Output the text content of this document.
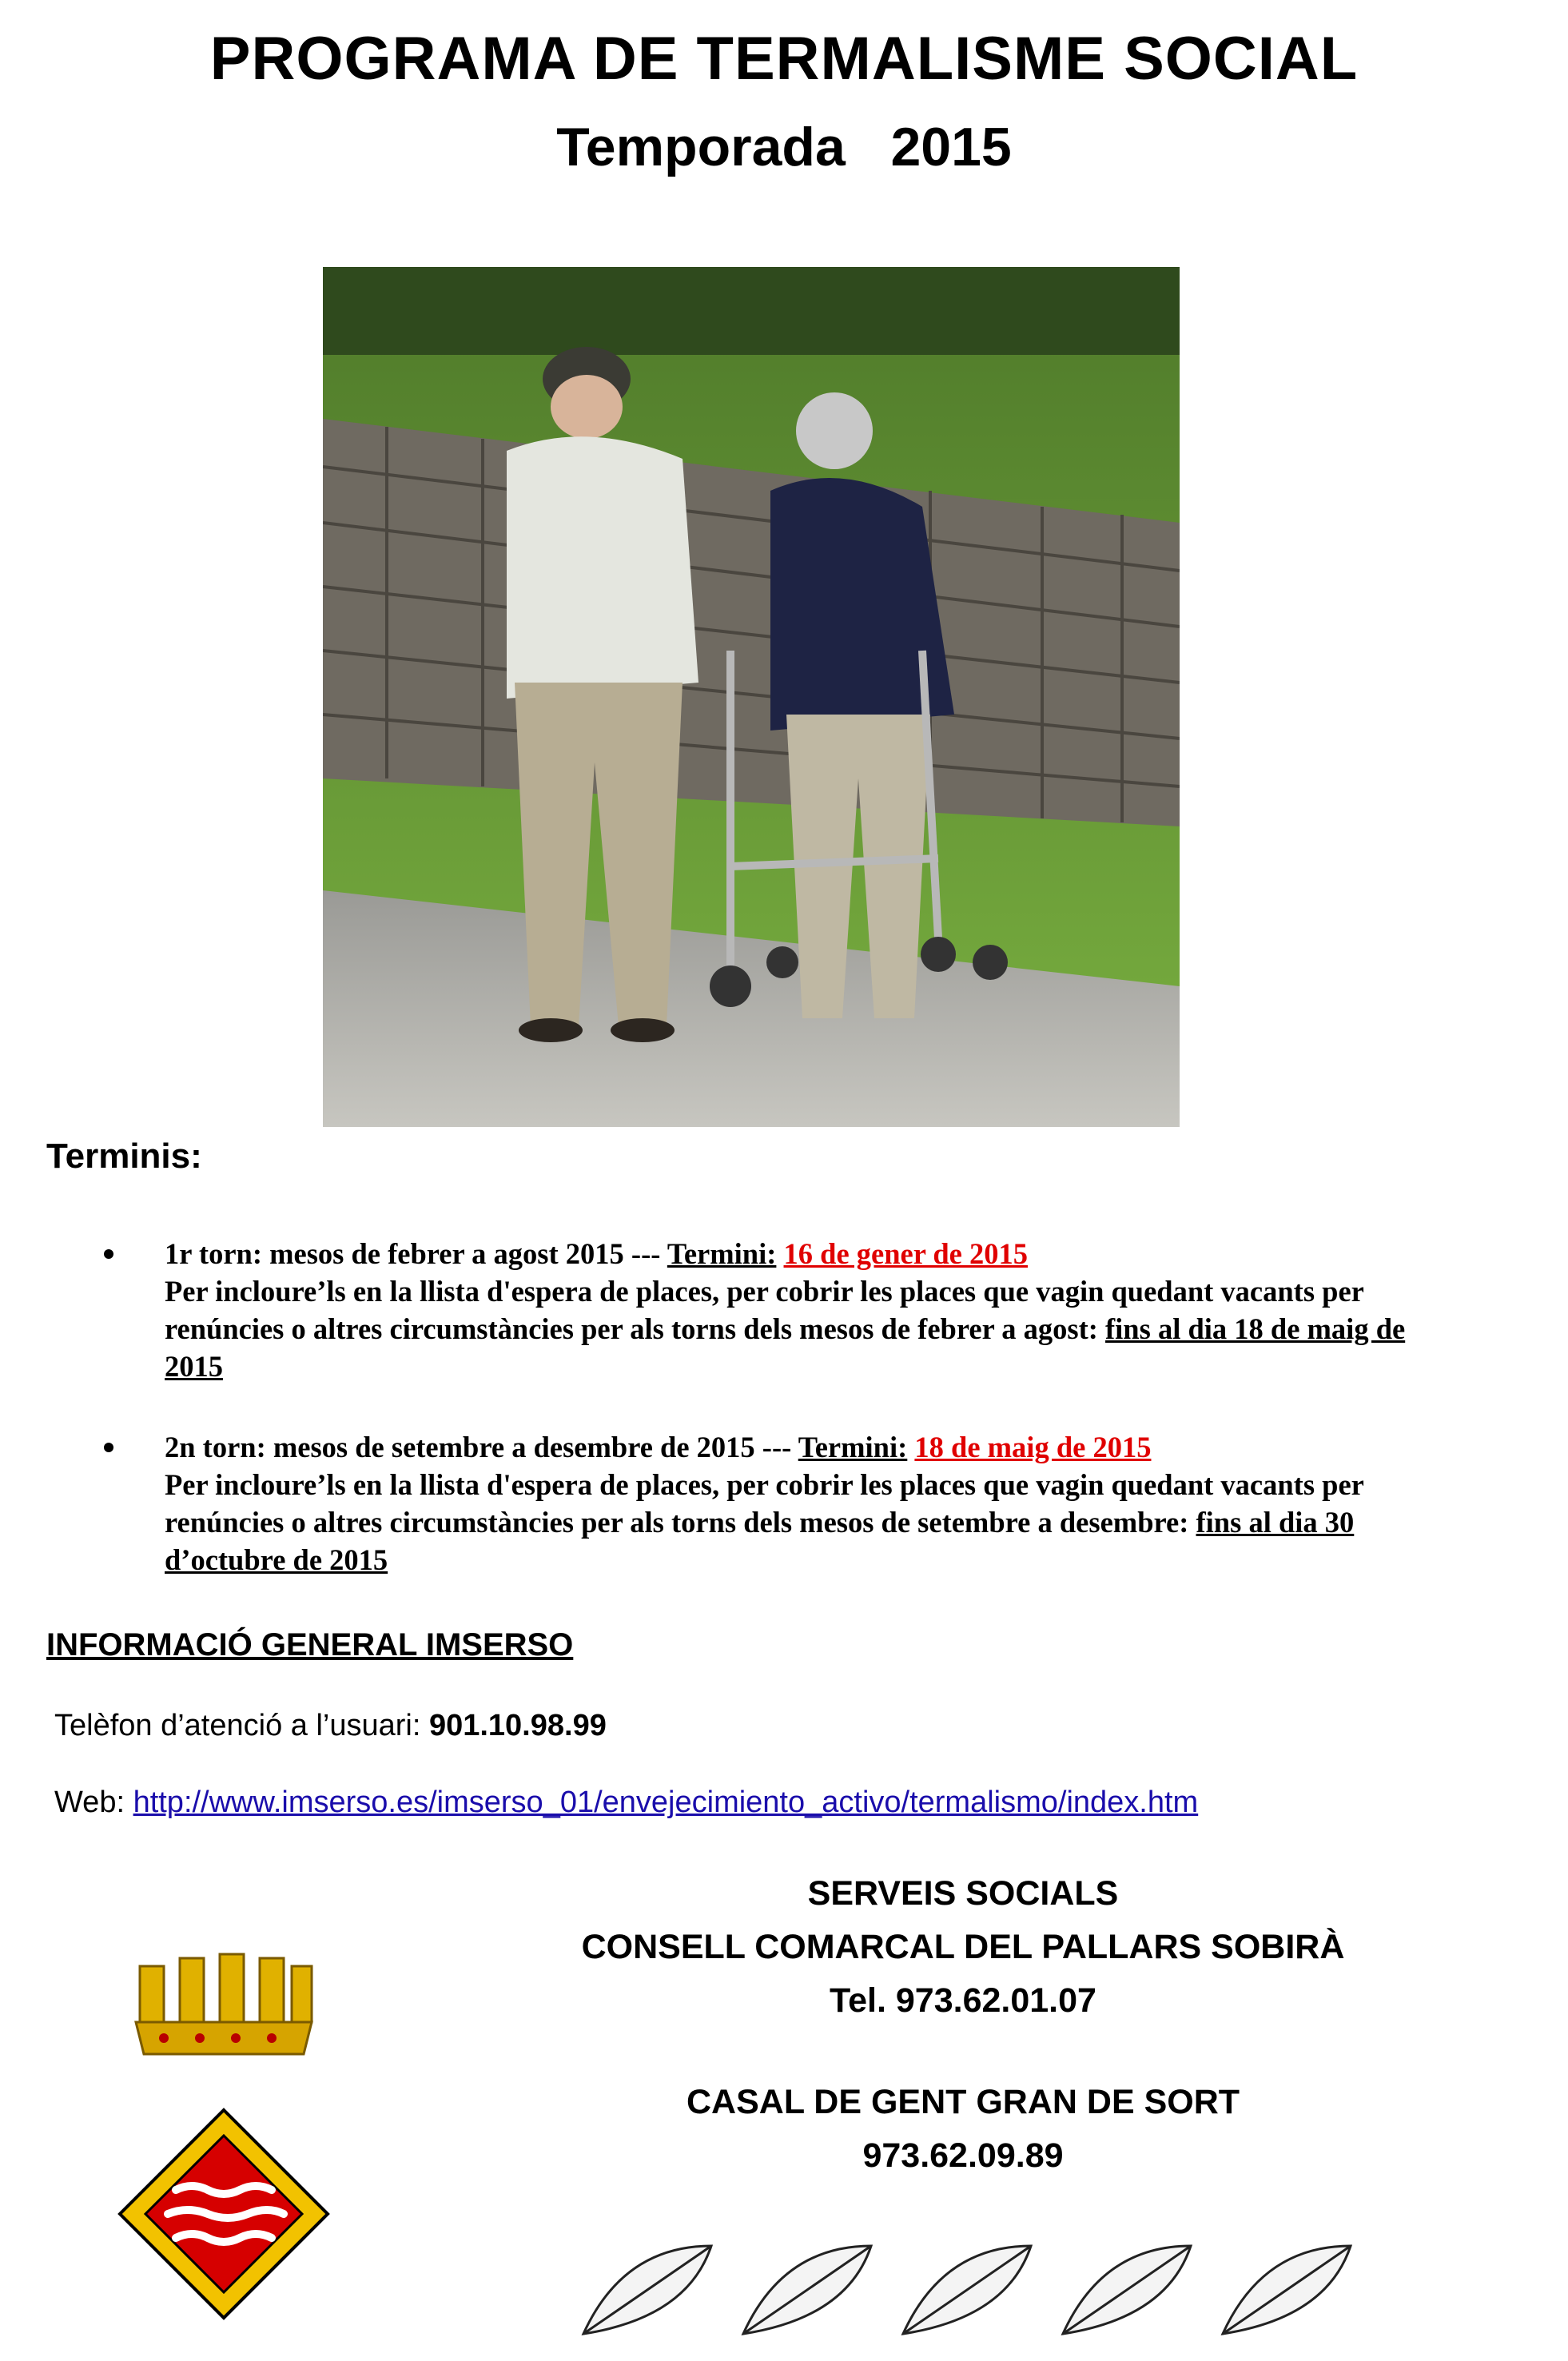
PROGRAMA DE TERMALISME SOCIAL
Temporada   2015
Terminis:
1r torn: mesos de febrer a agost 2015 --- Termini: 16 de gener de 2015
Per incloure’ls en la llista d'espera de places, per cobrir les places que vagin quedant vacants per renúncies o altres circumstàncies per als torns dels mesos de febrer a agost: fins al dia 18 de maig de 2015
2n torn: mesos de setembre a desembre de 2015 --- Termini: 18 de maig de 2015
Per incloure’ls en la llista d'espera de places, per cobrir les places que vagin quedant vacants per renúncies o altres circumstàncies per als torns dels mesos de setembre a desembre: fins al dia 30 d’octubre de 2015
INFORMACIÓ GENERAL IMSERSO
Telèfon d’atenció a l’usuari: 901.10.98.99
Web: http://www.imserso.es/imserso_01/envejecimiento_activo/termalismo/index.htm
SERVEIS SOCIALS
CONSELL COMARCAL DEL PALLARS SOBIRÀ
Tel. 973.62.01.07
CASAL DE GENT GRAN DE SORT
973.62.09.89
